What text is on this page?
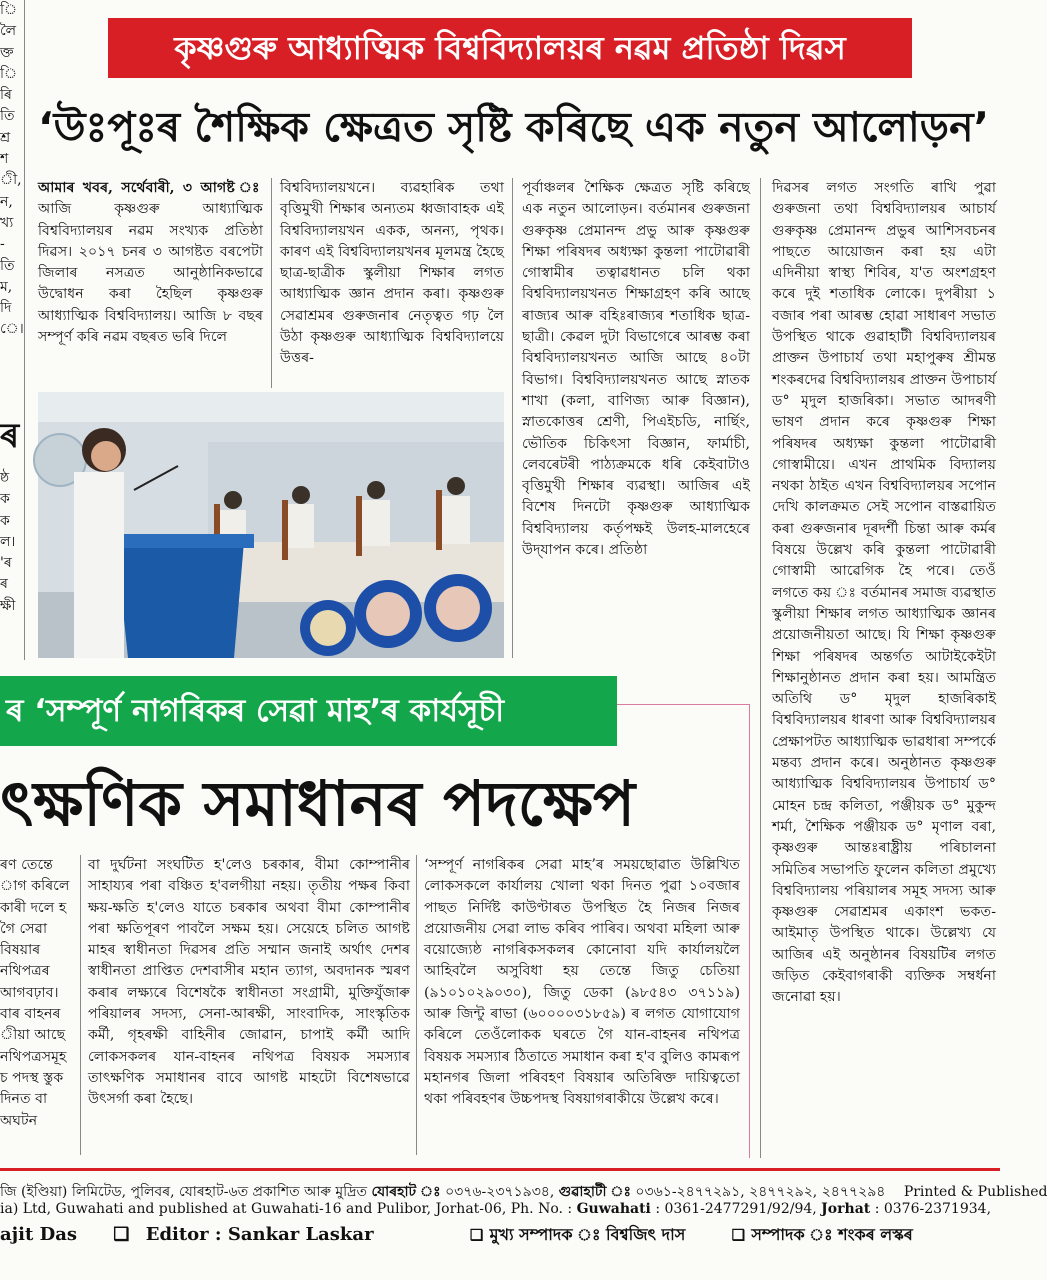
ি
লৈ
ক্ত
ি
ৰি
তি
শ্ৰ
শ
ী,
ন,
খ্য
-
তি
ম,
দি
ে।
ৰ
ষ্ঠ
ক
ক
ল।
'ৰ
ৰ
ক্ষী
কৃষ্ণগুৰু আধ্যাত্মিক বিশ্ববিদ্যালয়ৰ নৱম প্ৰতিষ্ঠা দিৱস
‘উঃপূঃৰ শৈক্ষিক ক্ষেত্ৰত সৃষ্টি কৰিছে এক নতুন আলোড়ন’

আমাৰ খবৰ, সৰ্থেবাৰী, ৩ আগষ্ট ঃ আজি কৃষ্ণগুৰু আধ্যাত্মিক বিশ্ববিদ্যালয়ৰ নৱম সংখ্যক প্ৰতিষ্ঠা দিৱস। ২০১৭ চনৰ ৩ আগষ্টত বৰপেটা জিলাৰ নসত্ৰত আনুষ্ঠানিকভাৱে উদ্বোধন কৰা হৈছিল কৃষ্ণগুৰু আধ্যাত্মিক বিশ্ববিদ্যালয়। আজি ৮ বছৰ সম্পূৰ্ণ কৰি নৱম বছৰত ভৰি দিলে

বিশ্ববিদ্যালয়খনে। ব্যৱহাৰিক তথা বৃত্তিমুখী শিক্ষাৰ অন্যতম ধ্বজাবাহক এই বিশ্ববিদ্যালয়খন একক, অনন্য, পৃথক। কাৰণ এই বিশ্ববিদ্যালয়খনৰ মূলমন্ত্ৰ হৈছে ছাত্ৰ-ছাত্ৰীক স্কুলীয়া শিক্ষাৰ লগত আধ্যাত্মিক জ্ঞান প্ৰদান কৰা। কৃষ্ণগুৰু সেৱাশ্ৰমৰ গুৰুজনাৰ নেতৃত্বত গঢ় লৈ উঠা কৃষ্ণগুৰু আধ্যাত্মিক বিশ্ববিদ্যালয়ে উত্তৰ-
পূৰ্বাঞ্চলৰ শৈক্ষিক ক্ষেত্ৰত সৃষ্টি কৰিছে এক নতুন আলোড়ন। বৰ্তমানৰ গুৰুজনা গুৰুকৃষ্ণ প্ৰেমানন্দ প্ৰভু আৰু কৃষ্ণগুৰু শিক্ষা পৰিষদৰ অধ্যক্ষা কুন্তলা পাটোৱাৰী গোস্বামীৰ তত্বাৱধানত চলি থকা বিশ্ববিদ্যালয়খনত শিক্ষাগ্ৰহণ কৰি আছে ৰাজ্যৰ আৰু বহিঃৰাজ্যৰ শতাধিক ছাত্ৰ-ছাত্ৰী। কেৱল দুটা বিভাগেৰে আৰম্ভ কৰা বিশ্ববিদ্যালয়খনত আজি আছে ৪০টা বিভাগ। বিশ্ববিদ্যালয়খনত আছে স্নাতক শাখা (কলা, বাণিজ্য আৰু বিজ্ঞান), স্নাতকোত্তৰ শ্ৰেণী, পিএইচডি, নাৰ্ছিং, ভৌতিক চিকিৎসা বিজ্ঞান, ফাৰ্মাচী, লেবৰেটৰী পাঠ্যক্ৰমকে ধৰি কেইবাটাও বৃত্তিমুখী শিক্ষাৰ ব্যৱস্থা। আজিৰ এই বিশেষ দিনটো কৃষ্ণগুৰু আধ্যাত্মিক বিশ্ববিদ্যালয় কৰ্তৃপক্ষই উলহ-মালহেৰে উদ্‌যাপন কৰে। প্ৰতিষ্ঠা
দিৱসৰ লগত সংগতি ৰাখি পুৱা গুৰুজনা তথা বিশ্ববিদ্যালয়ৰ আচাৰ্য গুৰুকৃষ্ণ প্ৰেমানন্দ প্ৰভুৰ আশিসবচনৰ পাছতে আয়োজন কৰা হয় এটা এদিনীয়া স্বাস্থ্য শিবিৰ, য'ত অংশগ্ৰহণ কৰে দুই শতাধিক লোকে। দুপৰীয়া ১ বজাৰ পৰা আৰম্ভ হোৱা সাধাৰণ সভাত উপস্থিত থাকে গুৱাহাটী বিশ্ববিদ্যালয়ৰ প্ৰাক্তন উপাচাৰ্য তথা মহাপুৰুষ শ্ৰীমন্ত শংকৰদেৱ বিশ্ববিদ্যালয়ৰ প্ৰাক্তন উপাচাৰ্য ড° মৃদুল হাজৰিকা। সভাত আদৰণী ভাষণ প্ৰদান কৰে কৃষ্ণগুৰু শিক্ষা পৰিষদৰ অধ্যক্ষা কুন্তলা পাটোৱাৰী গোস্বামীয়ে। এখন প্ৰাথমিক বিদ্যালয় নথকা ঠাইত এখন বিশ্ববিদ্যালয়ৰ সপোন দেখি কালক্ৰমত সেই সপোন বাস্তৱায়িত কৰা গুৰুজনাৰ দূৰদৰ্শী চিন্তা আৰু কৰ্মৰ বিষয়ে উল্লেখ কৰি কুন্তলা পাটোৱাৰী গোস্বামী আৱেগিক হৈ পৰে। তেওঁ লগতে কয় ঃ বৰ্তমানৰ সমাজ ব্যৱস্থাত স্কুলীয়া শিক্ষাৰ লগত আধ্যাত্মিক জ্ঞানৰ প্ৰয়োজনীয়তা আছে। যি শিক্ষা কৃষ্ণগুৰু শিক্ষা পৰিষদৰ অন্তৰ্গত আটাইকেইটা শিক্ষানুষ্ঠানত প্ৰদান কৰা হয়। আমন্ত্ৰিত অতিথি ড° মৃদুল হাজৰিকাই বিশ্ববিদ্যালয়ৰ ধাৰণা আৰু বিশ্ববিদ্যালয়ৰ প্ৰেক্ষাপটত আধ্যাত্মিক ভাৱধাৰা সম্পৰ্কে মন্তব্য প্ৰদান কৰে। অনুষ্ঠানত কৃষ্ণগুৰু আধ্যাত্মিক বিশ্ববিদ্যালয়ৰ উপাচাৰ্য ড° মোহন চন্দ্ৰ কলিতা, পঞ্জীয়ক ড° মুকুন্দ শৰ্মা, শৈক্ষিক পঞ্জীয়ক ড° মৃণাল বৰা, কৃষ্ণগুৰু আন্তঃৰাষ্ট্ৰীয় পৰিচালনা সমিতিৰ সভাপতি ফুলেন কলিতা প্ৰমুখ্যে বিশ্ববিদ্যালয় পৰিয়ালৰ সমূহ সদস্য আৰু কৃষ্ণগুৰু সেৱাশ্ৰমৰ একাংশ ভকত-আইমাতৃ উপস্থিত থাকে। উল্লেখ্য যে আজিৰ এই অনুষ্ঠানৰ বিষয়টিৰ লগত জড়িত কেইবাগৰাকী ব্যক্তিক সম্বৰ্ধনা জনোৱা হয়।
ৰ ‘সম্পূৰ্ণ নাগৰিকৰ সেৱা মাহ’ৰ কাৰ্যসূচী
ৎক্ষণিক সমাধানৰ পদক্ষেপ
ৰণ তেন্তে াগ কৰিলে কাৰী দলে হ গৈ সেৱা বিষয়াৰ নথিপত্ৰৰ আগবঢ়াব। বাৰ বাহনৰ ীয়া আছে নথিপত্ৰসমূহ চ পদস্থ স্তুক দিনত বা অঘটন
বা দুৰ্ঘটনা সংঘটিত হ'লেও চৰকাৰ, বীমা কোম্পানীৰ সাহায্যৰ পৰা বঞ্চিত হ'বলগীয়া নহয়। তৃতীয় পক্ষৰ কিবা ক্ষয়-ক্ষতি হ'লেও যাতে চৰকাৰ অথবা বীমা কোম্পানীৰ পৰা ক্ষতিপূৰণ পাবলৈ সক্ষম হয়। সেয়েহে চলিত আগষ্ট মাহৰ স্বাধীনতা দিৱসৰ প্ৰতি সম্মান জনাই অৰ্থাৎ দেশৰ স্বাধীনতা প্ৰাপ্তিত দেশবাসীৰ মহান ত্যাগ, অবদানক স্মৰণ কৰাৰ লক্ষ্যৰে বিশেষকৈ স্বাধীনতা সংগ্ৰামী, মুক্তিযুঁজাৰু পৰিয়ালৰ সদস্য, সেনা-আৰক্ষী, সাংবাদিক, সাংস্কৃতিক কৰ্মী, গৃহৰক্ষী বাহিনীৰ জোৱান, চাপাই কৰ্মী আদি লোকসকলৰ যান-বাহনৰ নথিপত্ৰ বিষয়ক সমস্যাৰ তাৎক্ষণিক সমাধানৰ বাবে আগষ্ট মাহটো বিশেষভাৱে উৎসৰ্গা কৰা হৈছে।
‘সম্পূৰ্ণ নাগৰিকৰ সেৱা মাহ’ৰ সময়ছোৱাত উল্লিখিত লোকসকলে কাৰ্যালয় খোলা থকা দিনত পুৱা ১০বজাৰ পাছত নিৰ্দিষ্ট কাউণ্টাৰত উপস্থিত হৈ নিজৰ নিজৰ প্ৰয়োজনীয় সেৱা লাভ কৰিব পাৰিব। অথবা মহিলা আৰু বয়োজ্যেষ্ঠ নাগৰিকসকলৰ কোনোবা যদি কাৰ্যালয়লৈ আহিবলৈ অসুবিধা হয় তেন্তে জিতু চেতিয়া (৯১০১০২৯০৩০), জিতু ডেকা (৯৮৫৪৩ ৩৭১১৯) আৰু জিন্টু ৰাভা (৬০০০০৩১৮৫৯) ৰ লগত যোগাযোগ কৰিলে তেওঁলোকক ঘৰতে গৈ যান-বাহনৰ নথিপত্ৰ বিষয়ক সমস্যাৰ ঠিতাতে সমাধান কৰা হ'ব বুলিও কামৰূপ মহানগৰ জিলা পৰিবহণ বিষয়াৰ অতিৰিক্ত দায়িত্বতো থকা পৰিবহণৰ উচ্চপদস্থ বিষয়াগৰাকীয়ে উল্লেখ কৰে।
জি (ইণ্ডিয়া) লিমিটেড, পুলিবৰ, যোৰহাট-৬ত প্ৰকাশিত আৰু মুদ্ৰিত যোৰহাট ঃ ০৩৭৬-২৩৭১৯৩৪, গুৱাহাটী ঃ ০৩৬১-২৪৭৭২৯১, ২৪৭৭২৯২, ২৪৭৭২৯৪ Printed & Published
ia) Ltd, Guwahati and published at Guwahati-16 and Pulibor, Jorhat-06, Ph. No. : Guwahati : 0361-2477291/92/94, Jorhat : 0376-2371934,
ajit Das ❑ Editor : Sankar Laskar	❑ মুখ্য সম্পাদক ঃ বিশ্বজিৎ দাস	❑ সম্পাদক ঃ শংকৰ লস্কৰ
